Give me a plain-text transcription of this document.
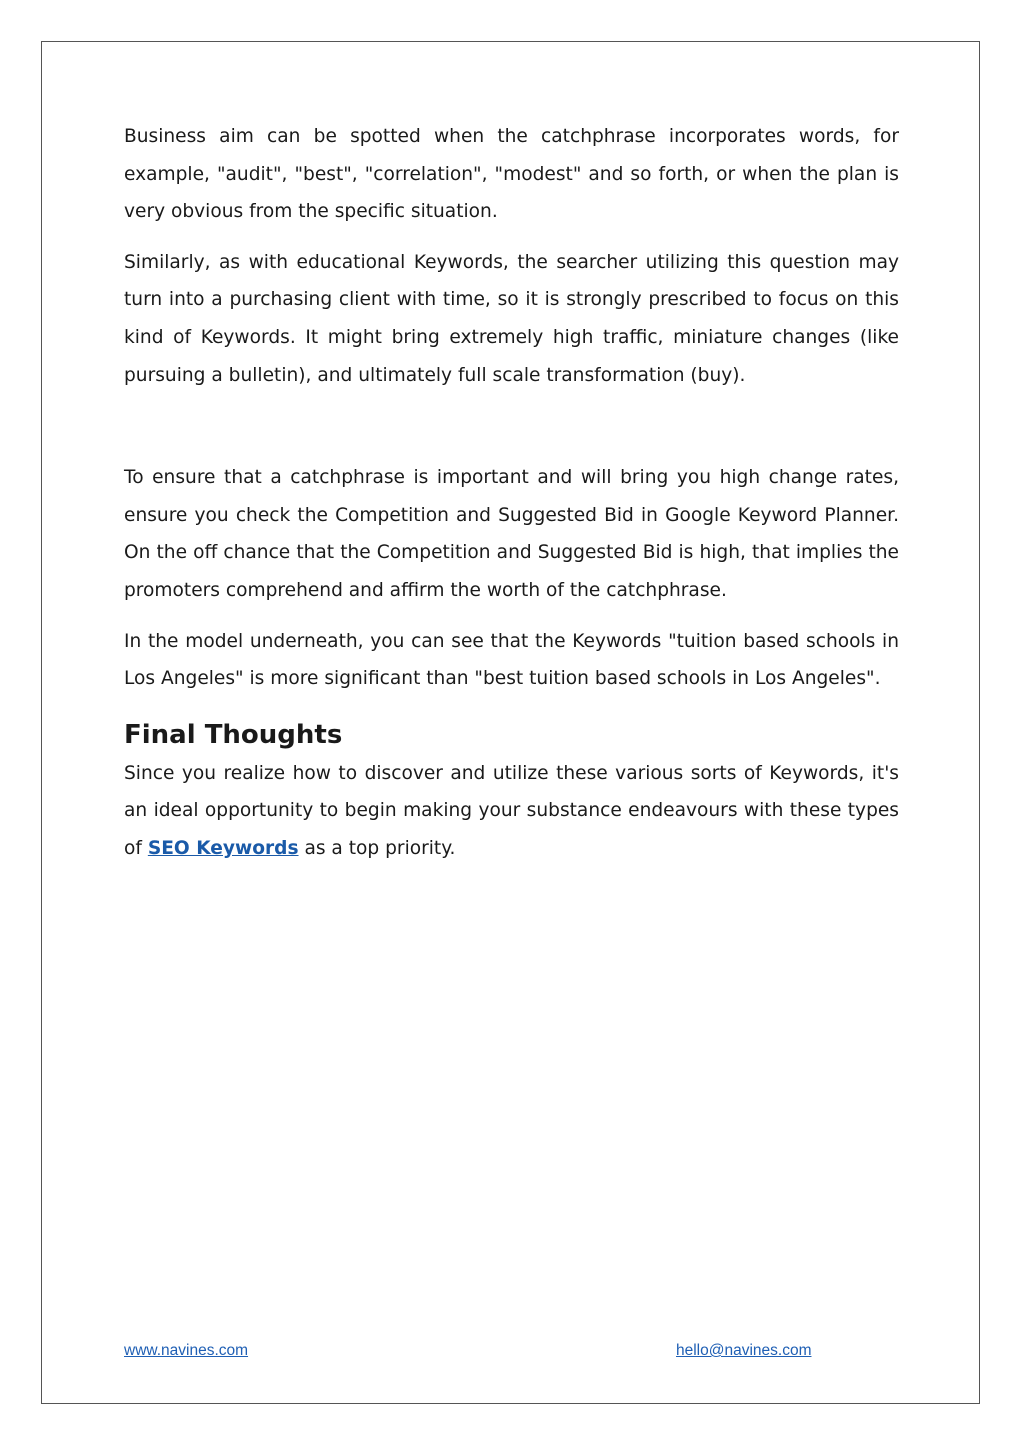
Business aim can be spotted when the catchphrase incorporates words, for example, "audit", "best", "correlation", "modest" and so forth, or when the plan is very obvious from the specific situation.

Similarly, as with educational Keywords, the searcher utilizing this question may turn into a purchasing client with time, so it is strongly prescribed to focus on this kind of Keywords. It might bring extremely high traffic, miniature changes (like pursuing a bulletin), and ultimately full scale transformation (buy).

To ensure that a catchphrase is important and will bring you high change rates, ensure you check the Competition and Suggested Bid in Google Keyword Planner. On the off chance that the Competition and Suggested Bid is high, that implies the promoters comprehend and affirm the worth of the catchphrase.

In the model underneath, you can see that the Keywords "tuition based schools in Los Angeles" is more significant than "best tuition based schools in Los Angeles".

Final Thoughts

Since you realize how to discover and utilize these various sorts of Keywords, it's an ideal opportunity to begin making your substance endeavours with these types of SEO Keywords as a top priority.

www.navines.com	hello@navines.com
